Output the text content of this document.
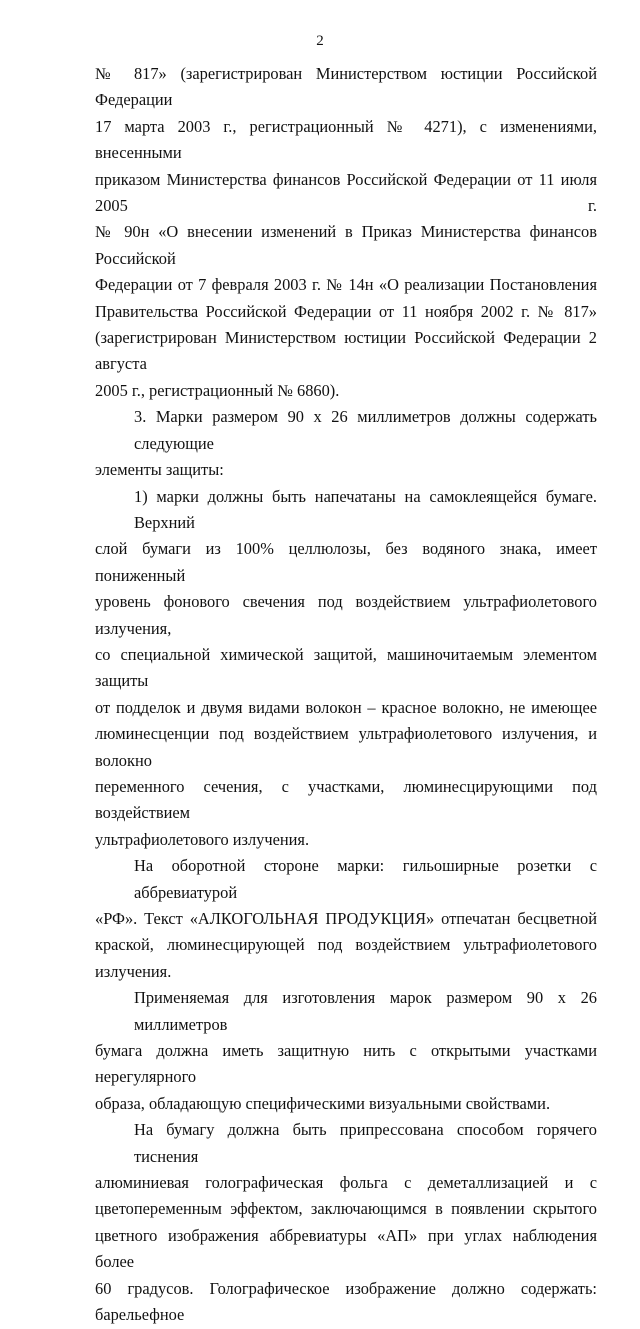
2
№ 817» (зарегистрирован Министерством юстиции Российской Федерации
17 марта 2003 г., регистрационный № 4271), с изменениями, внесенными
приказом Министерства финансов Российской Федерации от 11 июля 2005 г.
№ 90н «О внесении изменений в Приказ Министерства финансов Российской
Федерации от 7 февраля 2003 г. № 14н «О реализации Постановления
Правительства Российской Федерации от 11 ноября 2002 г. № 817»
(зарегистрирован Министерством юстиции Российской Федерации 2 августа
2005 г., регистрационный № 6860).
3. Марки размером 90 х 26 миллиметров должны содержать следующие
элементы защиты:
1) марки должны быть напечатаны на самоклеящейся бумаге. Верхний
слой бумаги из 100% целлюлозы, без водяного знака, имеет пониженный
уровень фонового свечения под воздействием ультрафиолетового излучения,
со специальной химической защитой, машиночитаемым элементом защиты
от подделок и двумя видами волокон – красное волокно, не имеющее
люминесценции под воздействием ультрафиолетового излучения, и волокно
переменного сечения, с участками, люминесцирующими под воздействием
ультрафиолетового излучения.
На оборотной стороне марки: гильоширные розетки с аббревиатурой
«РФ». Текст «АЛКОГОЛЬНАЯ ПРОДУКЦИЯ» отпечатан бесцветной
краской, люминесцирующей под воздействием ультрафиолетового
излучения.
Применяемая для изготовления марок размером 90 х 26 миллиметров
бумага должна иметь защитную нить с открытыми участками нерегулярного
образа, обладающую специфическими визуальными свойствами.
На бумагу должна быть припрессована способом горячего тиснения
алюминиевая голографическая фольга с деметаллизацией и с
цветопеременным эффектом, заключающимся в появлении скрытого
цветного изображения аббревиатуры «АП» при углах наблюдения более
60 градусов. Голографическое изображение должно содержать: барельефное
